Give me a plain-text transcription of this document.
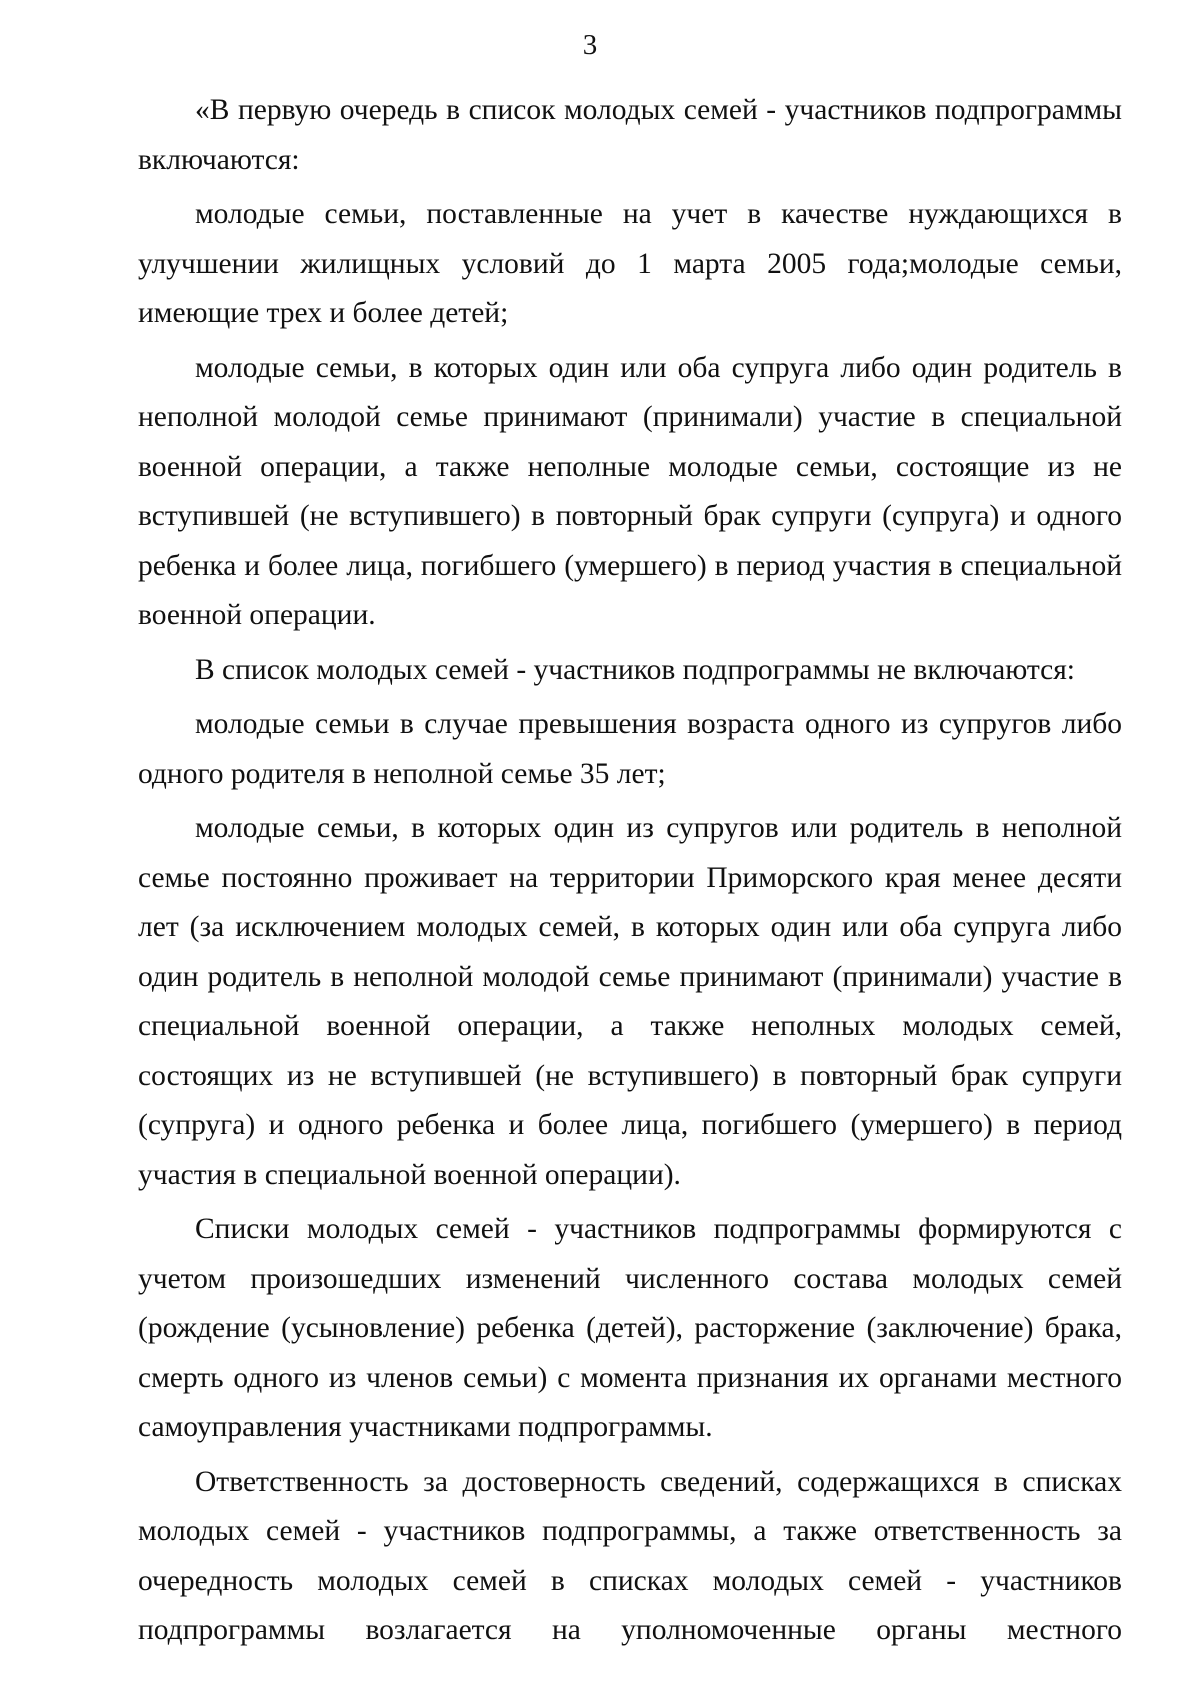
3

«В первую очередь в список молодых семей - участников подпрограммы включаются:

молодые семьи, поставленные на учет в качестве нуждающихся в улучшении жилищных условий до 1 марта 2005 года;молодые семьи, имеющие трех и более детей;

молодые семьи, в которых один или оба супруга либо один родитель в неполной молодой семье принимают (принимали) участие в специальной военной операции, а также неполные молодые семьи, состоящие из не вступившей (не вступившего) в повторный брак супруги (супруга) и одного ребенка и более лица, погибшего (умершего) в период участия в специальной военной операции.

В список молодых семей - участников подпрограммы не включаются:

молодые семьи в случае превышения возраста одного из супругов либо одного родителя в неполной семье 35 лет;

молодые семьи, в которых один из супругов или родитель в неполной семье постоянно проживает на территории Приморского края менее десяти лет (за исключением молодых семей, в которых один или оба супруга либо один родитель в неполной молодой семье принимают (принимали) участие в специальной военной операции, а также неполных молодых семей, состоящих из не вступившей (не вступившего) в повторный брак супруги (супруга) и одного ребенка и более лица, погибшего (умершего) в период участия в специальной военной операции).

Списки молодых семей - участников подпрограммы формируются с учетом произошедших изменений численного состава молодых семей (рождение (усыновление) ребенка (детей), расторжение (заключение) брака, смерть одного из членов семьи) с момента признания их органами местного самоуправления участниками подпрограммы.

Ответственность за достоверность сведений, содержащихся в списках молодых семей - участников подпрограммы, а также ответственность за очередность молодых семей в списках молодых семей - участников подпрограммы возлагается на уполномоченные органы местного
